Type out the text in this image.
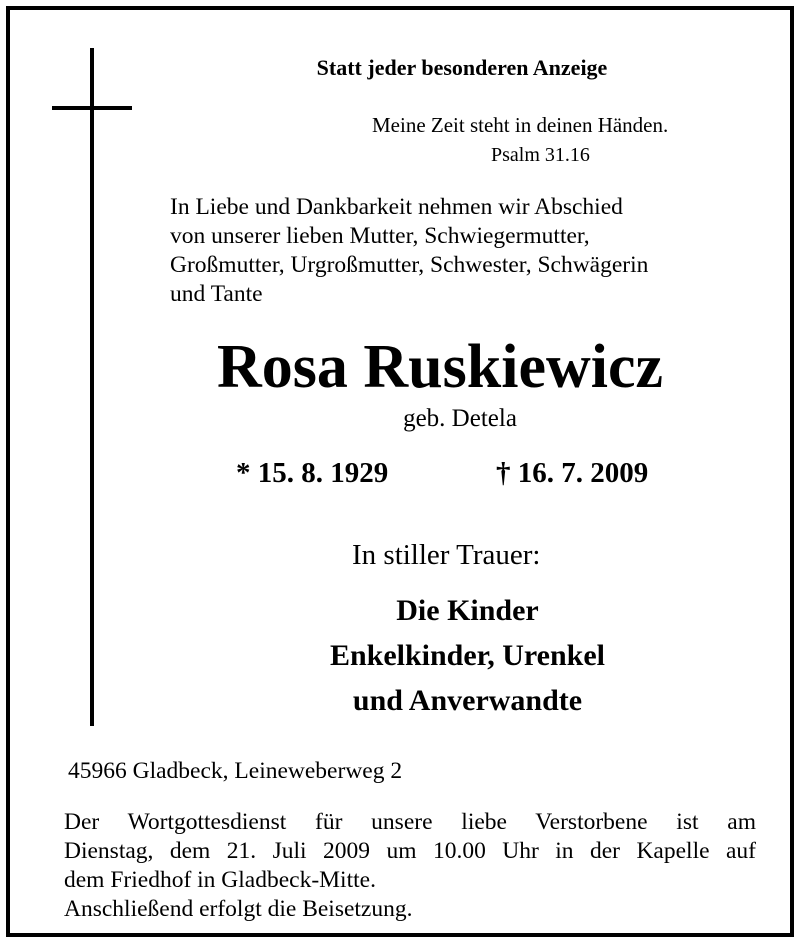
Statt jeder besonderen Anzeige

Meine Zeit steht in deinen Händen.

Psalm 31.16

In Liebe und Dankbarkeit nehmen wir Abschied
von unserer lieben Mutter, Schwiegermutter,
Großmutter, Urgroßmutter, Schwester, Schwägerin
und Tante

Rosa Ruskiewicz

geb. Detela

* 15. 8. 1929	† 16. 7. 2009

In stiller Trauer:

Die Kinder
Enkelkinder, Urenkel
und Anverwandte

45966 Gladbeck, Leineweberweg 2

Der Wortgottesdienst für unsere liebe Verstorbene ist am
Dienstag, dem 21. Juli 2009 um 10.00 Uhr in der Kapelle auf
dem Friedhof in Gladbeck-Mitte.
Anschließend erfolgt die Beisetzung.
